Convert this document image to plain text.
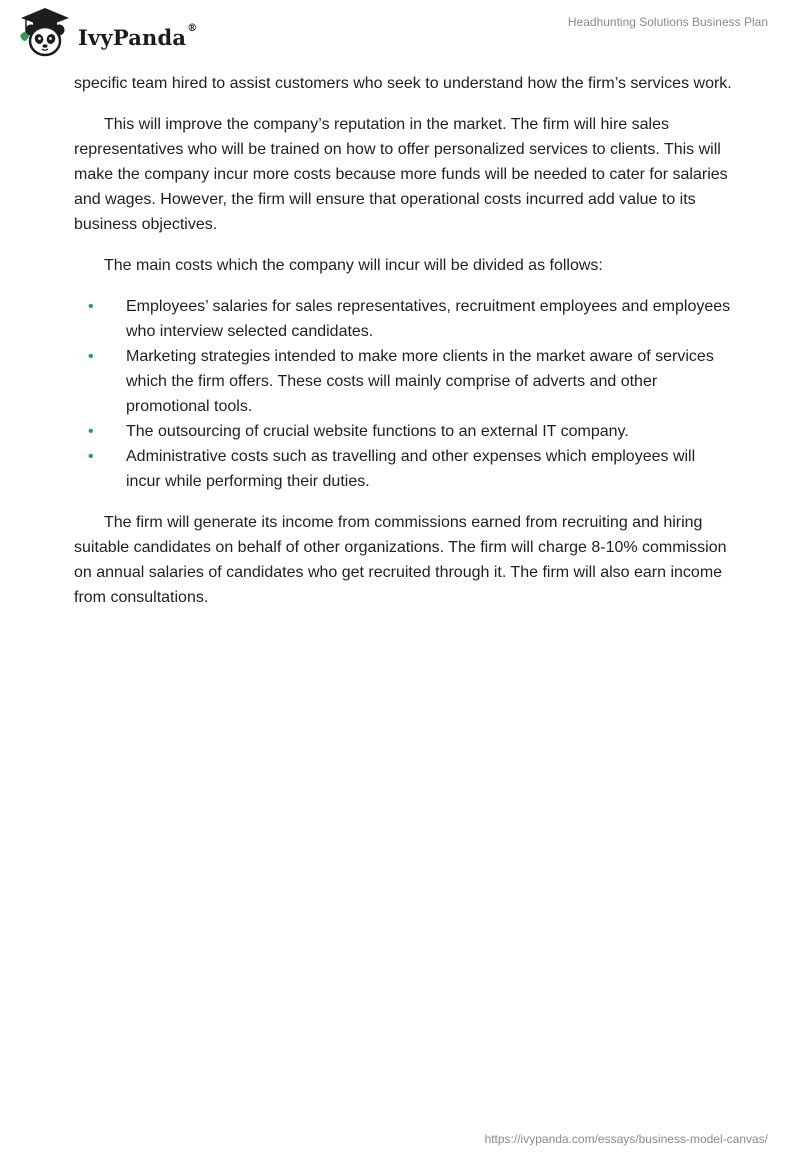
IvyPanda®	Headhunting Solutions Business Plan

specific team hired to assist customers who seek to understand how the firm’s services work.

This will improve the company’s reputation in the market. The firm will hire sales representatives who will be trained on how to offer personalized services to clients. This will make the company incur more costs because more funds will be needed to cater for salaries and wages. However, the firm will ensure that operational costs incurred add value to its business objectives.

The main costs which the company will incur will be divided as follows:

• Employees’ salaries for sales representatives, recruitment employees and employees who interview selected candidates.
• Marketing strategies intended to make more clients in the market aware of services which the firm offers. These costs will mainly comprise of adverts and other promotional tools.
• The outsourcing of crucial website functions to an external IT company.
• Administrative costs such as travelling and other expenses which employees will incur while performing their duties.

The firm will generate its income from commissions earned from recruiting and hiring suitable candidates on behalf of other organizations. The firm will charge 8-10% commission on annual salaries of candidates who get recruited through it. The firm will also earn income from consultations.

https://ivypanda.com/essays/business-model-canvas/
